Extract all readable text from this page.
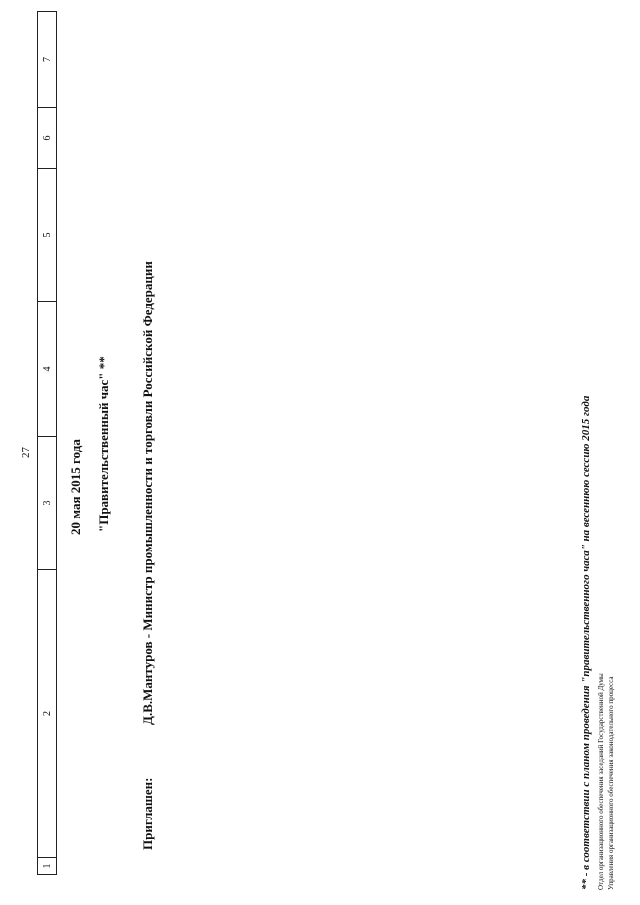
27
1
2
3
4
5
6
7
20 мая 2015 года "Правительственный час" **
Приглашен:
Д.В.Мантуров - Министр промышленности и торговли Российской Федерации	** - в соответствии с планом проведения "правительственного часа" на весеннюю сессию 2015 года Отдел организационного обеспечения заседаний Государственной Думы Управления организационного обеспечения законодательного процесса
